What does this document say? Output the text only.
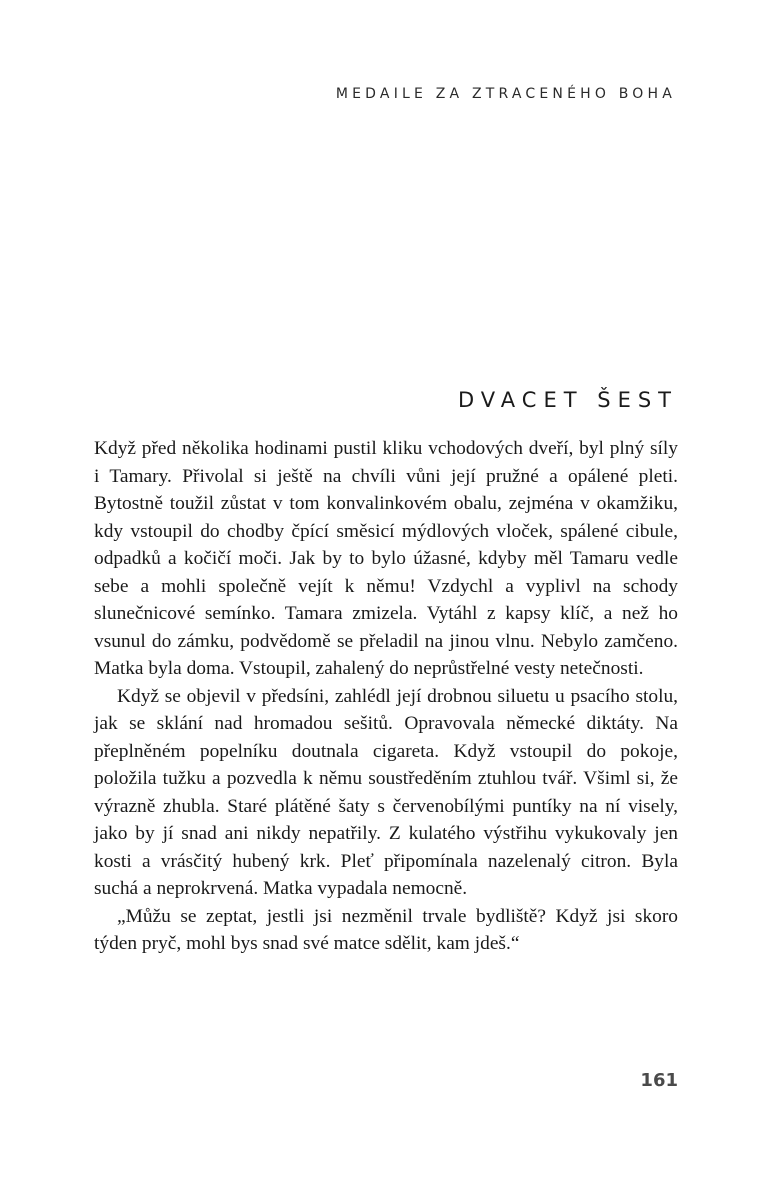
MEDAILE ZA ZTRACENÉHO BOHA
DVACET ŠEST

Když před několika hodinami pustil kliku vchodových dveří, byl plný síly i Tamary. Přivolal si ještě na chvíli vůni její pružné a opálené pleti. Bytostně toužil zůstat v tom konvalinkovém obalu, zejména v okamžiku, kdy vstoupil do chodby čpící směsicí mýdlových vloček, spálené cibule, odpadků a kočičí moči. Jak by to bylo úžasné, kdyby měl Tamaru vedle sebe a mohli společně vejít k němu! Vzdychl a vyplivl na schody slunečnicové semínko. Tamara zmizela. Vytáhl z kapsy klíč, a než ho vsunul do zámku, podvědomě se přeladil na jinou vlnu. Nebylo zamčeno. Matka byla doma. Vstoupil, zahalený do neprůstřelné vesty netečnosti.

Když se objevil v předsíni, zahlédl její drobnou siluetu u psacího stolu, jak se sklání nad hromadou sešitů. Opravovala německé diktáty. Na přeplněném popelníku doutnala cigareta. Když vstoupil do pokoje, položila tužku a pozvedla k němu soustředěním ztuhlou tvář. Všiml si, že výrazně zhubla. Staré plátěné šaty s červenobílými puntíky na ní visely, jako by jí snad ani nikdy nepatřily. Z kulatého výstřihu vykukovaly jen kosti a vrásčitý hubený krk. Pleť připomínala nazelenalý citron. Byla suchá a neprokrvená. Matka vypadala nemocně.

„Můžu se zeptat, jestli jsi nezměnil trvale bydliště? Když jsi skoro týden pryč, mohl bys snad své matce sdělit, kam jdeš.“

161
